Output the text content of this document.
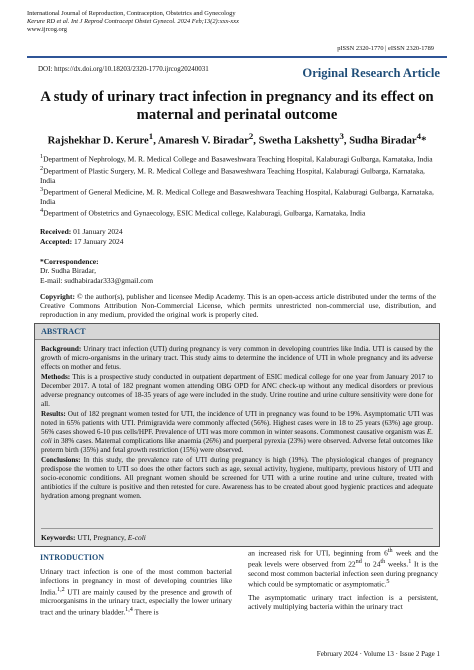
International Journal of Reproduction, Contraception, Obstetrics and Gynecology
Kerure RD et al. Int J Reprod Contracept Obstet Gynecol. 2024 Feb;13(2):xxx-xxx
www.ijrcog.org
pISSN 2320-1770 | eISSN 2320-1789
DOI: https://dx.doi.org/10.18203/2320-1770.ijrcog20240031	Original Research Article
A study of urinary tract infection in pregnancy and its effect on maternal and perinatal outcome
Rajshekhar D. Kerure$^1$, Amaresh V. Biradar$^2$, Swetha Lakshetty$^3$, Sudha Biradar$^4$*

$^1$Department of Nephrology, M. R. Medical College and Basaweshwara Teaching Hospital, Kalaburagi Gulbarga, Karnataka, India

$^2$Department of Plastic Surgery, M. R. Medical College and Basaweshwara Teaching Hospital, Kalaburagi Gulbarga, Karnataka, India

$^3$Department of General Medicine, M. R. Medical College and Basaweshwara Teaching Hospital, Kalaburagi Gulbarga, Karnataka, India

$^4$Department of Obstetrics and Gynaecology, ESIC Medical college, Kalaburagi, Gulbarga, Karnataka, India

Received: 01 January 2024
Accepted: 17 January 2024
*Correspondence:
Dr. Sudha Biradar,
E-mail: sudhabiradar333@gmail.com
Copyright: © the author(s), publisher and licensee Medip Academy. This is an open-access article distributed under the terms of the Creative Commons Attribution Non-Commercial License, which permits unrestricted non-commercial use, distribution, and reproduction in any medium, provided the original work is properly cited.
ABSTRACT

Background: Urinary tract infection (UTI) during pregnancy is very common in developing countries like India. UTI is caused by the growth of micro-organisms in the urinary tract. This study aims to determine the incidence of UTI in whole pregnancy and its adverse effects on mother and fetus.

Methods: This is a prospective study conducted in outpatient department of ESIC medical college for one year from January 2017 to December 2017. A total of 182 pregnant women attending OBG OPD for ANC check-up without any medical disorders or previous adverse pregnancy outcomes of 18-35 years of age were included in the study. Urine routine and urine culture sensitivity were done for all.

Results: Out of 182 pregnant women tested for UTI, the incidence of UTI in pregnancy was found to be 19%. Asymptomatic UTI was noted in 65% patients with UTI. Primigravida were commonly affected (56%). Highest cases were in 18 to 25 years (63%) age group. 56% cases showed 6-10 pus cells/HPF. Prevalence of UTI was more common in winter seasons. Commonest causative organism was E. coli in 38% cases. Maternal complications like anaemia (26%) and puerperal pyrexia (23%) were observed. Adverse fetal outcomes like preterm birth (35%) and fetal growth restriction (15%) were observed.

Conclusions: In this study, the prevalence rate of UTI during pregnancy is high (19%). The physiological changes of pregnancy predispose the women to UTI so does the other factors such as age, sexual activity, hygiene, multiparty, previous history of UTI and socio-economic conditions. All pregnant women should be screened for UTI with a urine routine and urine culture, treated with antibiotics if the culture is positive and then retested for cure. Awareness has to be created about good hygienic practices and adequate hydration among pregnant women.

Keywords: UTI, Pregnancy, E-coli
INTRODUCTION
Urinary tract infection is one of the most common bacterial infections in pregnancy in most of developing countries like India.$^{1,2}$ UTI are mainly caused by the presence and growth of microorganisms in the urinary tract, especially the lower urinary tract and the urinary bladder.$^{1,4}$ There is

an increased risk for UTI, beginning from 6th week and the peak levels were observed from 22nd to 24th weeks.$^1$ It is the second most common bacterial infection seen during pregnancy which could be symptomatic or asymptomatic.$^5$

The asymptomatic urinary tract infection is a persistent, actively multiplying bacteria within the urinary tract

February 2024 · Volume 13 · Issue 2 Page 1
